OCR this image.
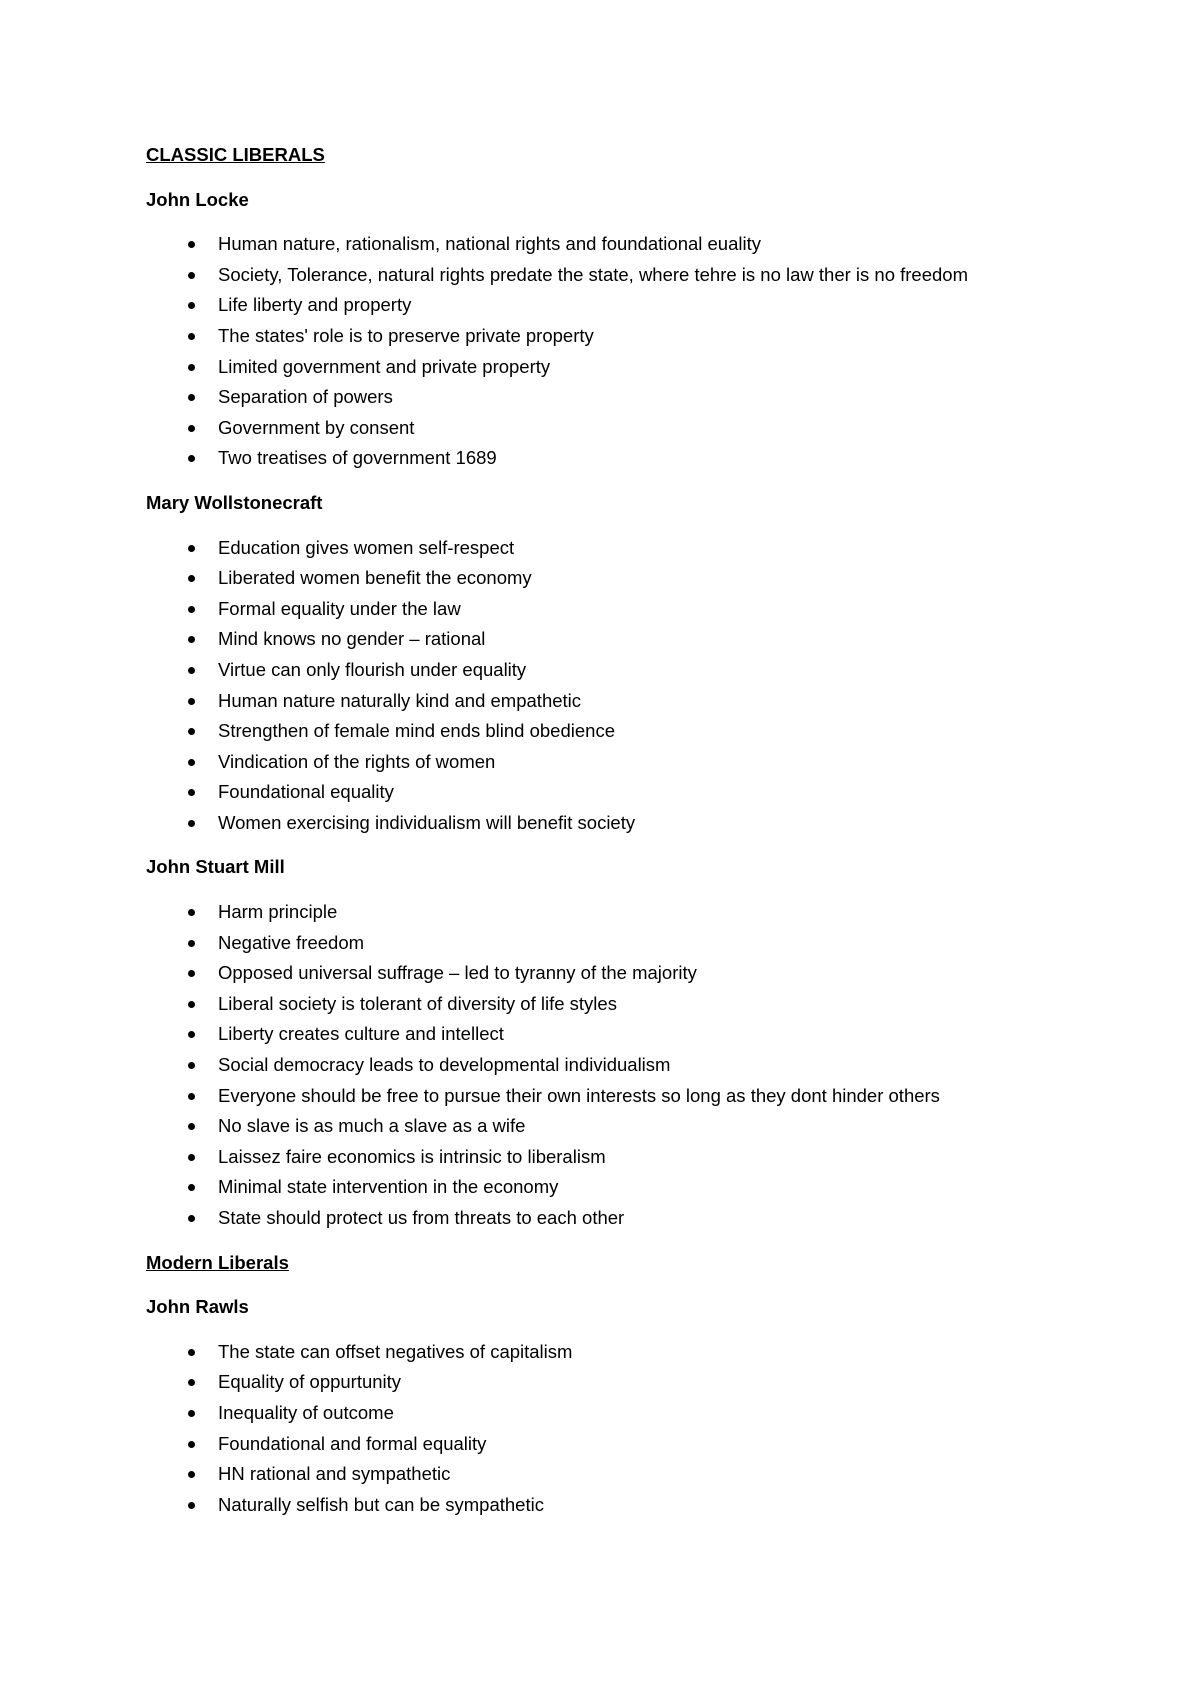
CLASSIC LIBERALS
John Locke
Human nature, rationalism, national rights and foundational euality
Society, Tolerance, natural rights predate the state, where tehre is no law ther is no freedom
Life liberty and property
The states' role is to preserve private property
Limited government and private property
Separation of powers
Government by consent
Two treatises of government 1689
Mary Wollstonecraft
Education gives women self-respect
Liberated women benefit the economy
Formal equality under the law
Mind knows no gender – rational
Virtue can only flourish under equality
Human nature naturally kind and empathetic
Strengthen of female mind ends blind obedience
Vindication of the rights of women
Foundational equality
Women exercising individualism will benefit society
John Stuart Mill
Harm principle
Negative freedom
Opposed universal suffrage – led to tyranny of the majority
Liberal society is tolerant of diversity of life styles
Liberty creates culture and intellect
Social democracy leads to developmental individualism
Everyone should be free to pursue their own interests so long as they dont hinder others
No slave is as much a slave as a wife
Laissez faire economics is intrinsic to liberalism
Minimal state intervention in the economy
State should protect us from threats to each other
Modern Liberals
John Rawls
The state can offset negatives of capitalism
Equality of oppurtunity
Inequality of outcome
Foundational and formal equality
HN rational and sympathetic
Naturally selfish but can be sympathetic
